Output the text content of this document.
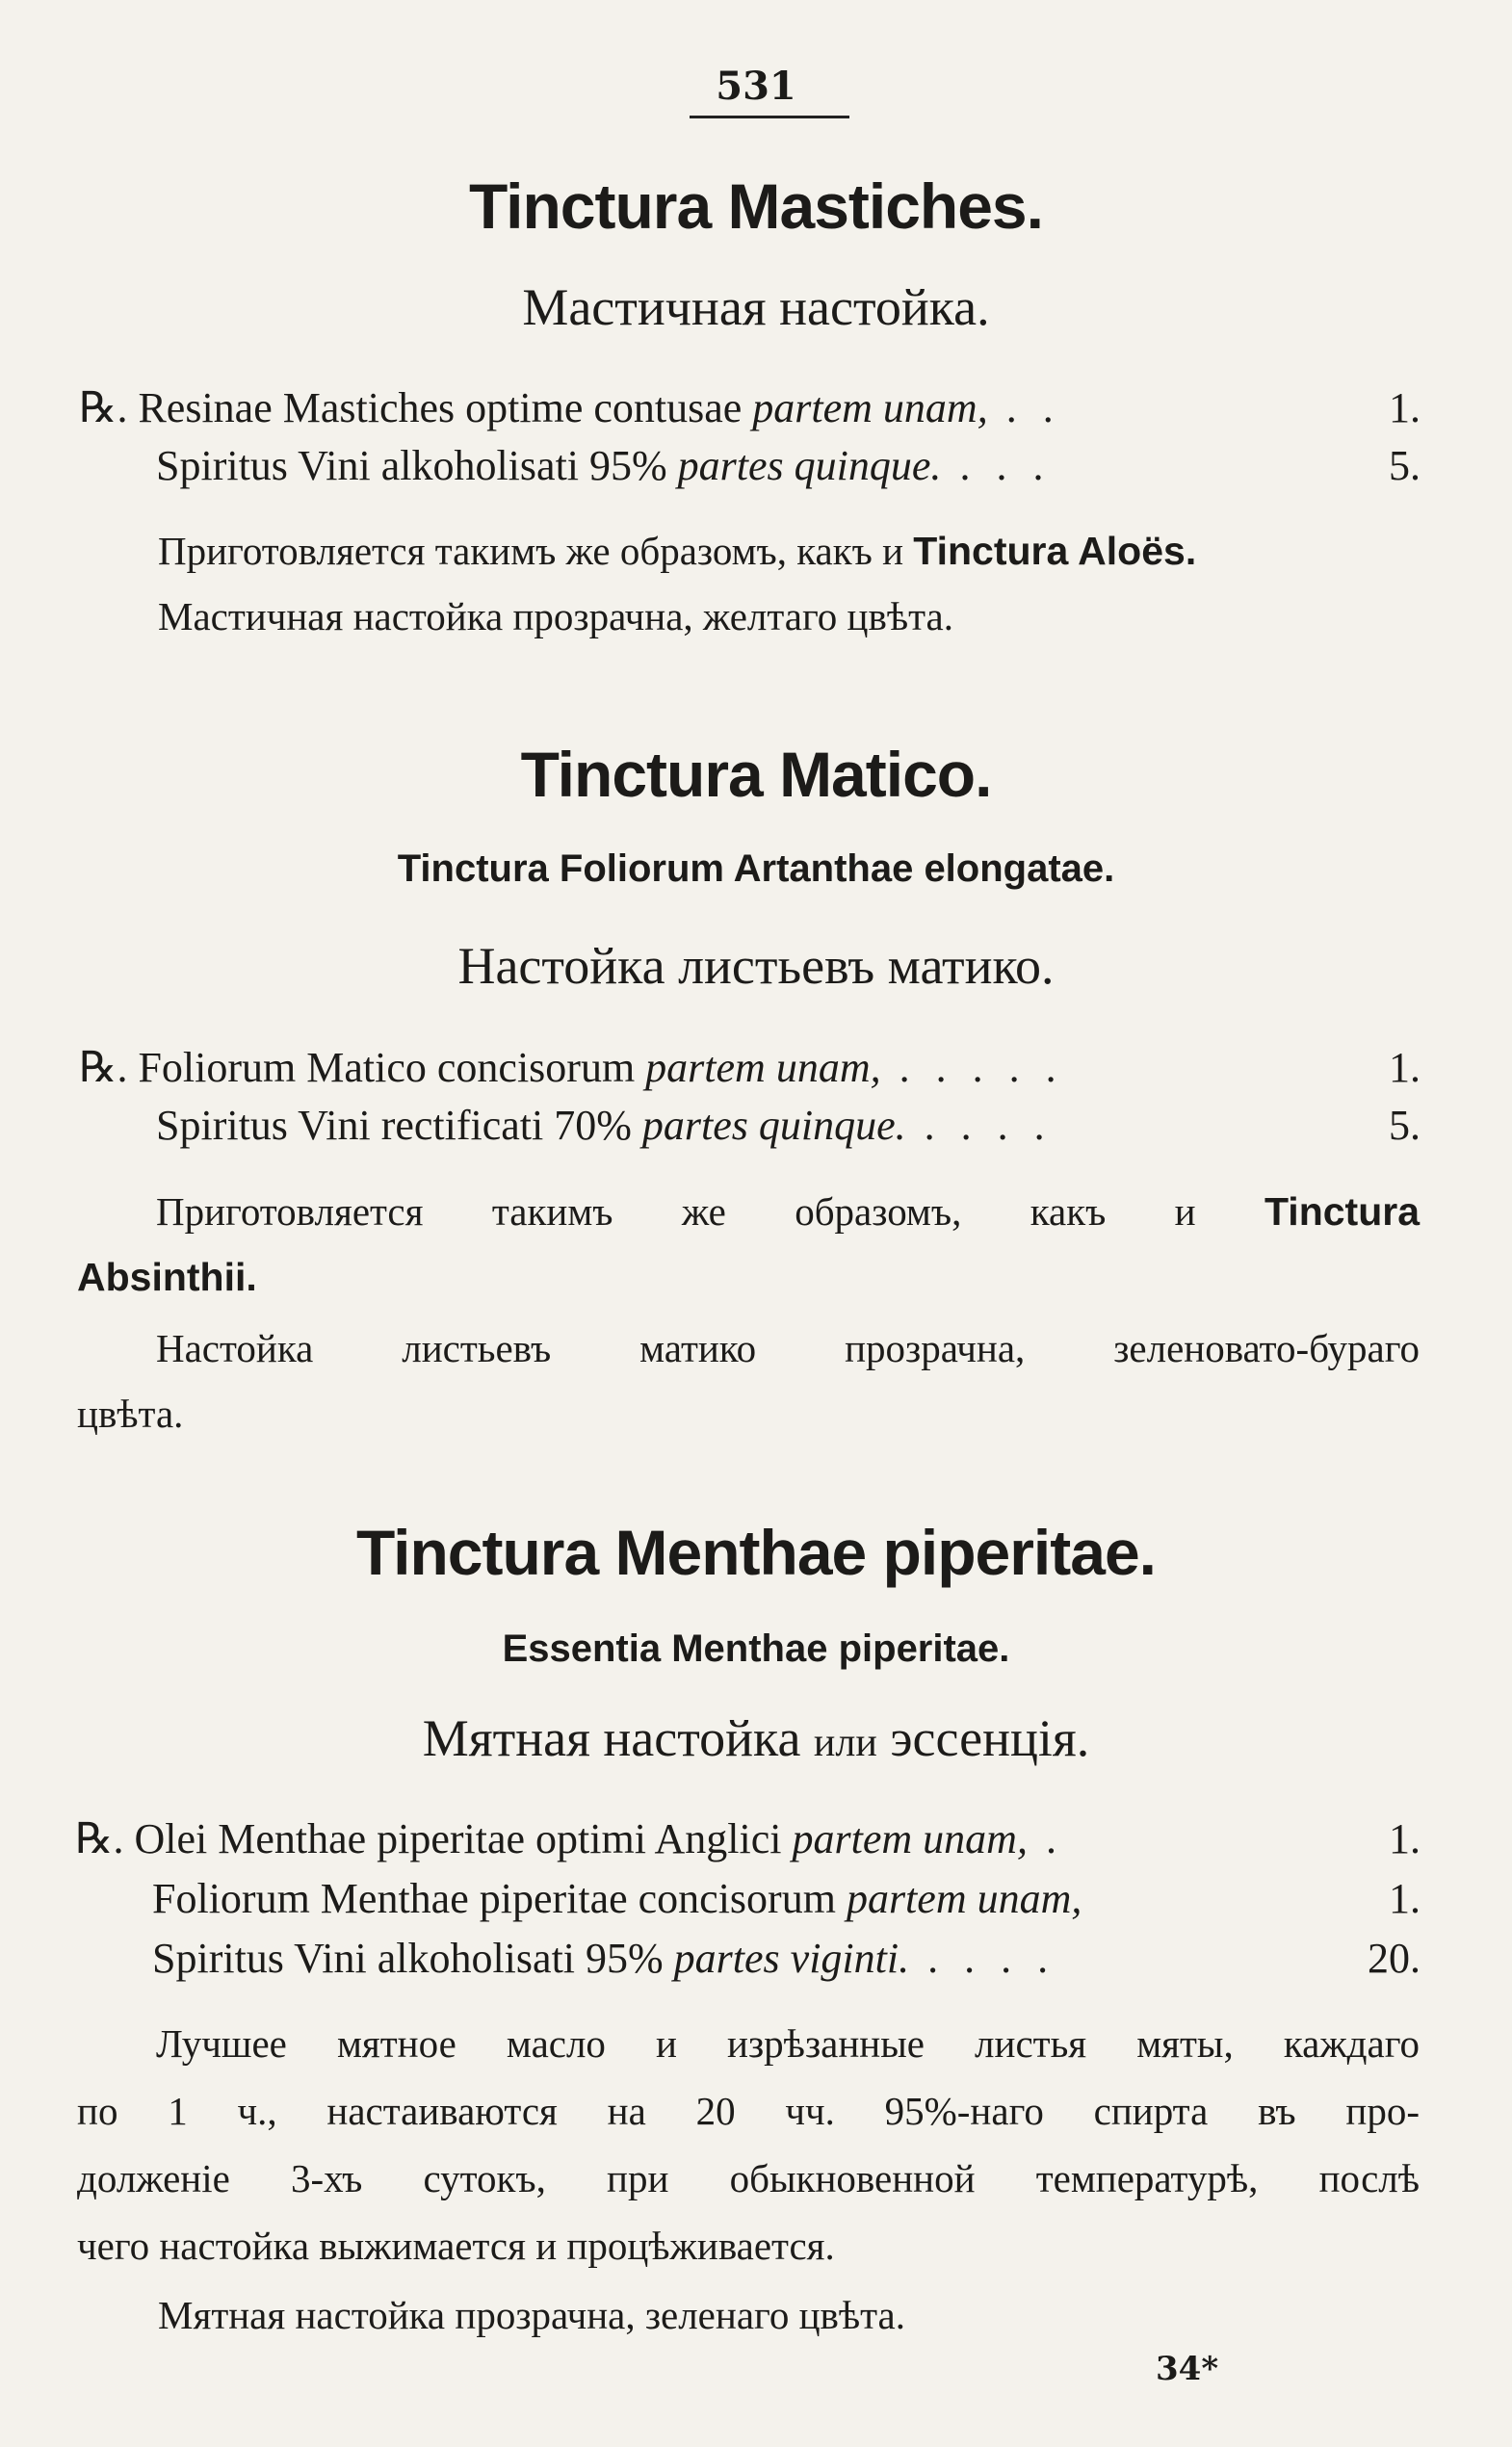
531
Tinctura Masticheѕ.
Мастичная настойка.
℞. Resinae Masticheѕ optime contusae partem unam, . .	1.
Spiritus Vini alkoholisati 95% partes quinque. . . .	5.
Приготовляется такимъ же образомъ, какъ и Tinctura Aloës.
Мастичная настойка прозрачна, желтаго цвѣта.
Tinctura Matico.
Tinctura Foliorum Artanthae elongatae.
Настойка листьевъ матико.
℞. Foliorum Matico concisorum partem unam, . . . . .	1.
Spiritus Vini rectificati 70% partes quinque. . . . .	5.
Приготовляется такимъ же образомъ, какъ и Tinctura
Absinthii.
Настойка листьевъ матико прозрачна, зеленовато-бураго
цвѣта.
Tinctura Menthae piperitae.
Essentia Menthae piperitae.
Мятная настойка или эссенція.
℞. Olei Menthae piperitae optimi Anglici partem unam, .	1.
Foliorum Menthae piperitae concisorum partem unam,	1.
Spiritus Vini alkoholisati 95% partes viginti. . . . .	20.
Лучшее мятное масло и изрѣзанные листья мяты, каждаго
по 1 ч., настаиваются на 20 чч. 95%-наго спирта въ про-
долженіе 3-хъ сутокъ, при обыкновенной температурѣ, послѣ
чего настойка выжимается и процѣживается.
Мятная настойка прозрачна, зеленаго цвѣта.
34*
